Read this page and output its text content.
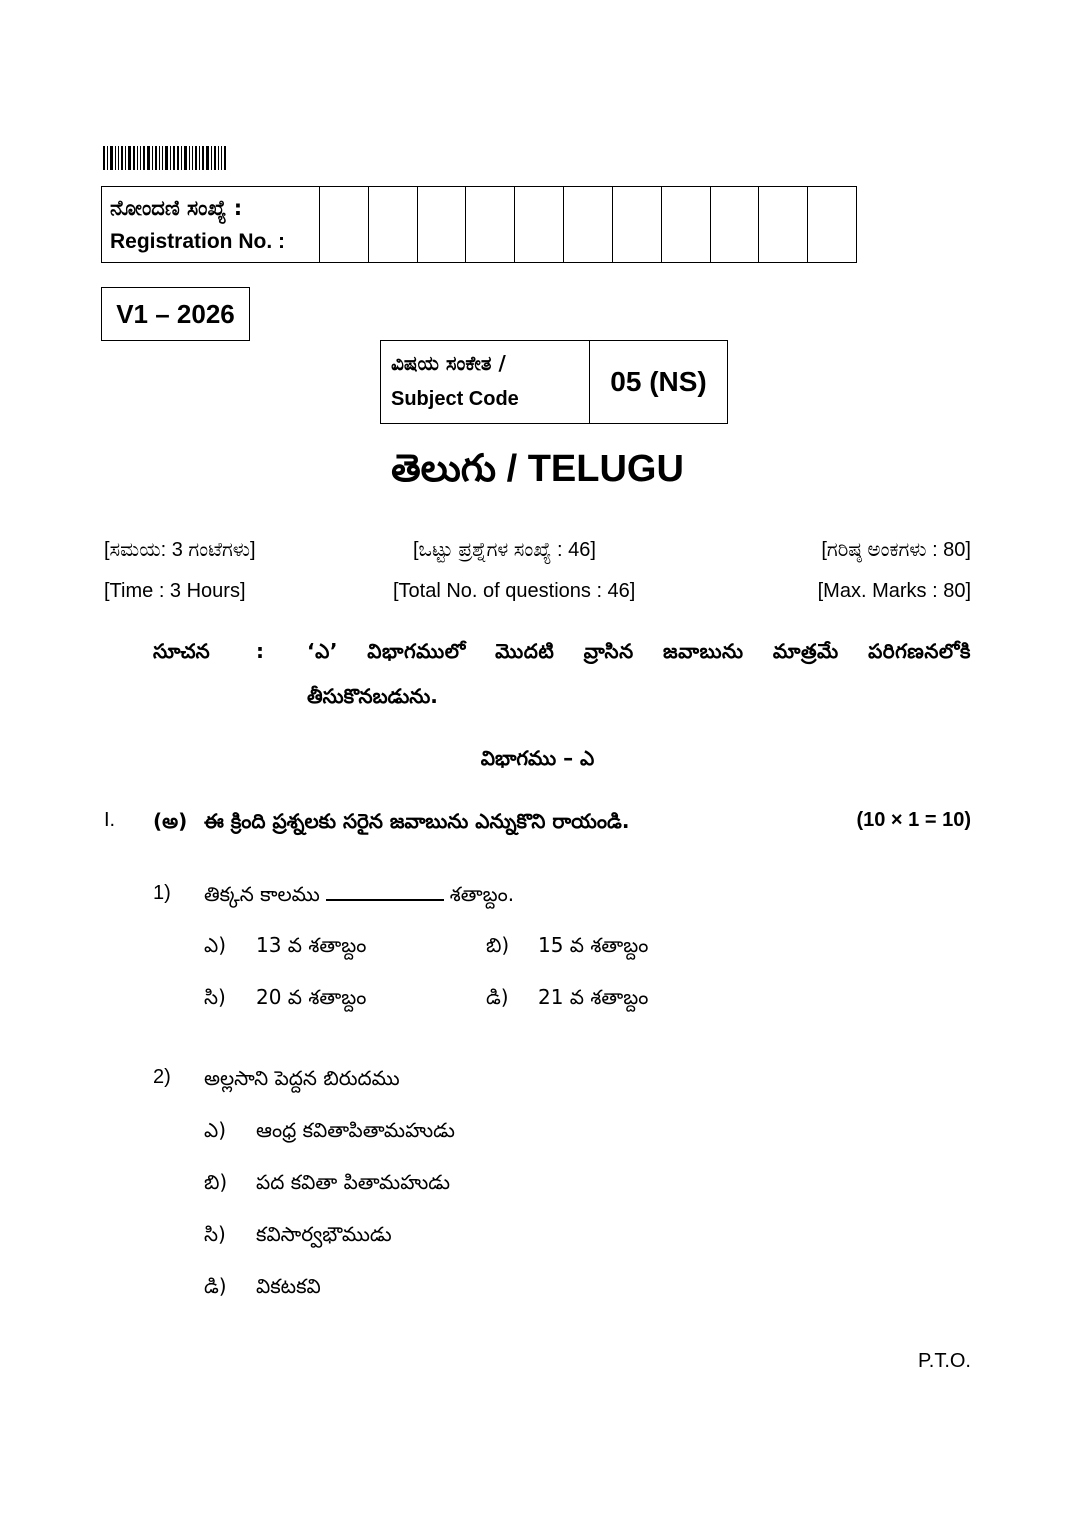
ನೋಂದಣಿ ಸಂಖ್ಯೆ :
Registration No. :
V1 – 2026
ವಿಷಯ ಸಂಕೇತ /
Subject Code
05 (NS)
తెలుగు / TELUGU
[ಸಮಯ: 3 ಗಂಟೆಗಳು]	[ಒಟ್ಟು ಪ್ರಶ್ನೆಗಳ ಸಂಖ್ಯೆ : 46]	[ಗರಿಷ್ಠ ಅಂಕಗಳು : 80]
[Time : 3 Hours]	[Total No. of questions : 46]	[Max. Marks : 80]
సూచన : ‘ఎ’ విభాగములో మొదటి వ్రాసిన జవాబును మాత్రమే పరిగణనలోకి
తీసుకొనబడును.
విభాగము – ఎ
I. (అ) ఈ క్రింది ప్రశ్నలకు సరైన జవాబును ఎన్నుకొని రాయండి.	(10 × 1 = 10)
1) తిక్కన కాలము	శతాబ్దం.
ఎ) 13 వ శతాబ్దం	బి) 15 వ శతాబ్దం
సి) 20 వ శతాబ్దం	డి) 21 వ శతాబ్దం
2) అల్లసాని పెద్దన బిరుదము
ఎ) ఆంధ్ర కవితాపితామహుడు
బి) పద కవితా పితామహుడు
సి) కవిసార్వభౌముడు
డి) వికటకవి
P.T.O.
